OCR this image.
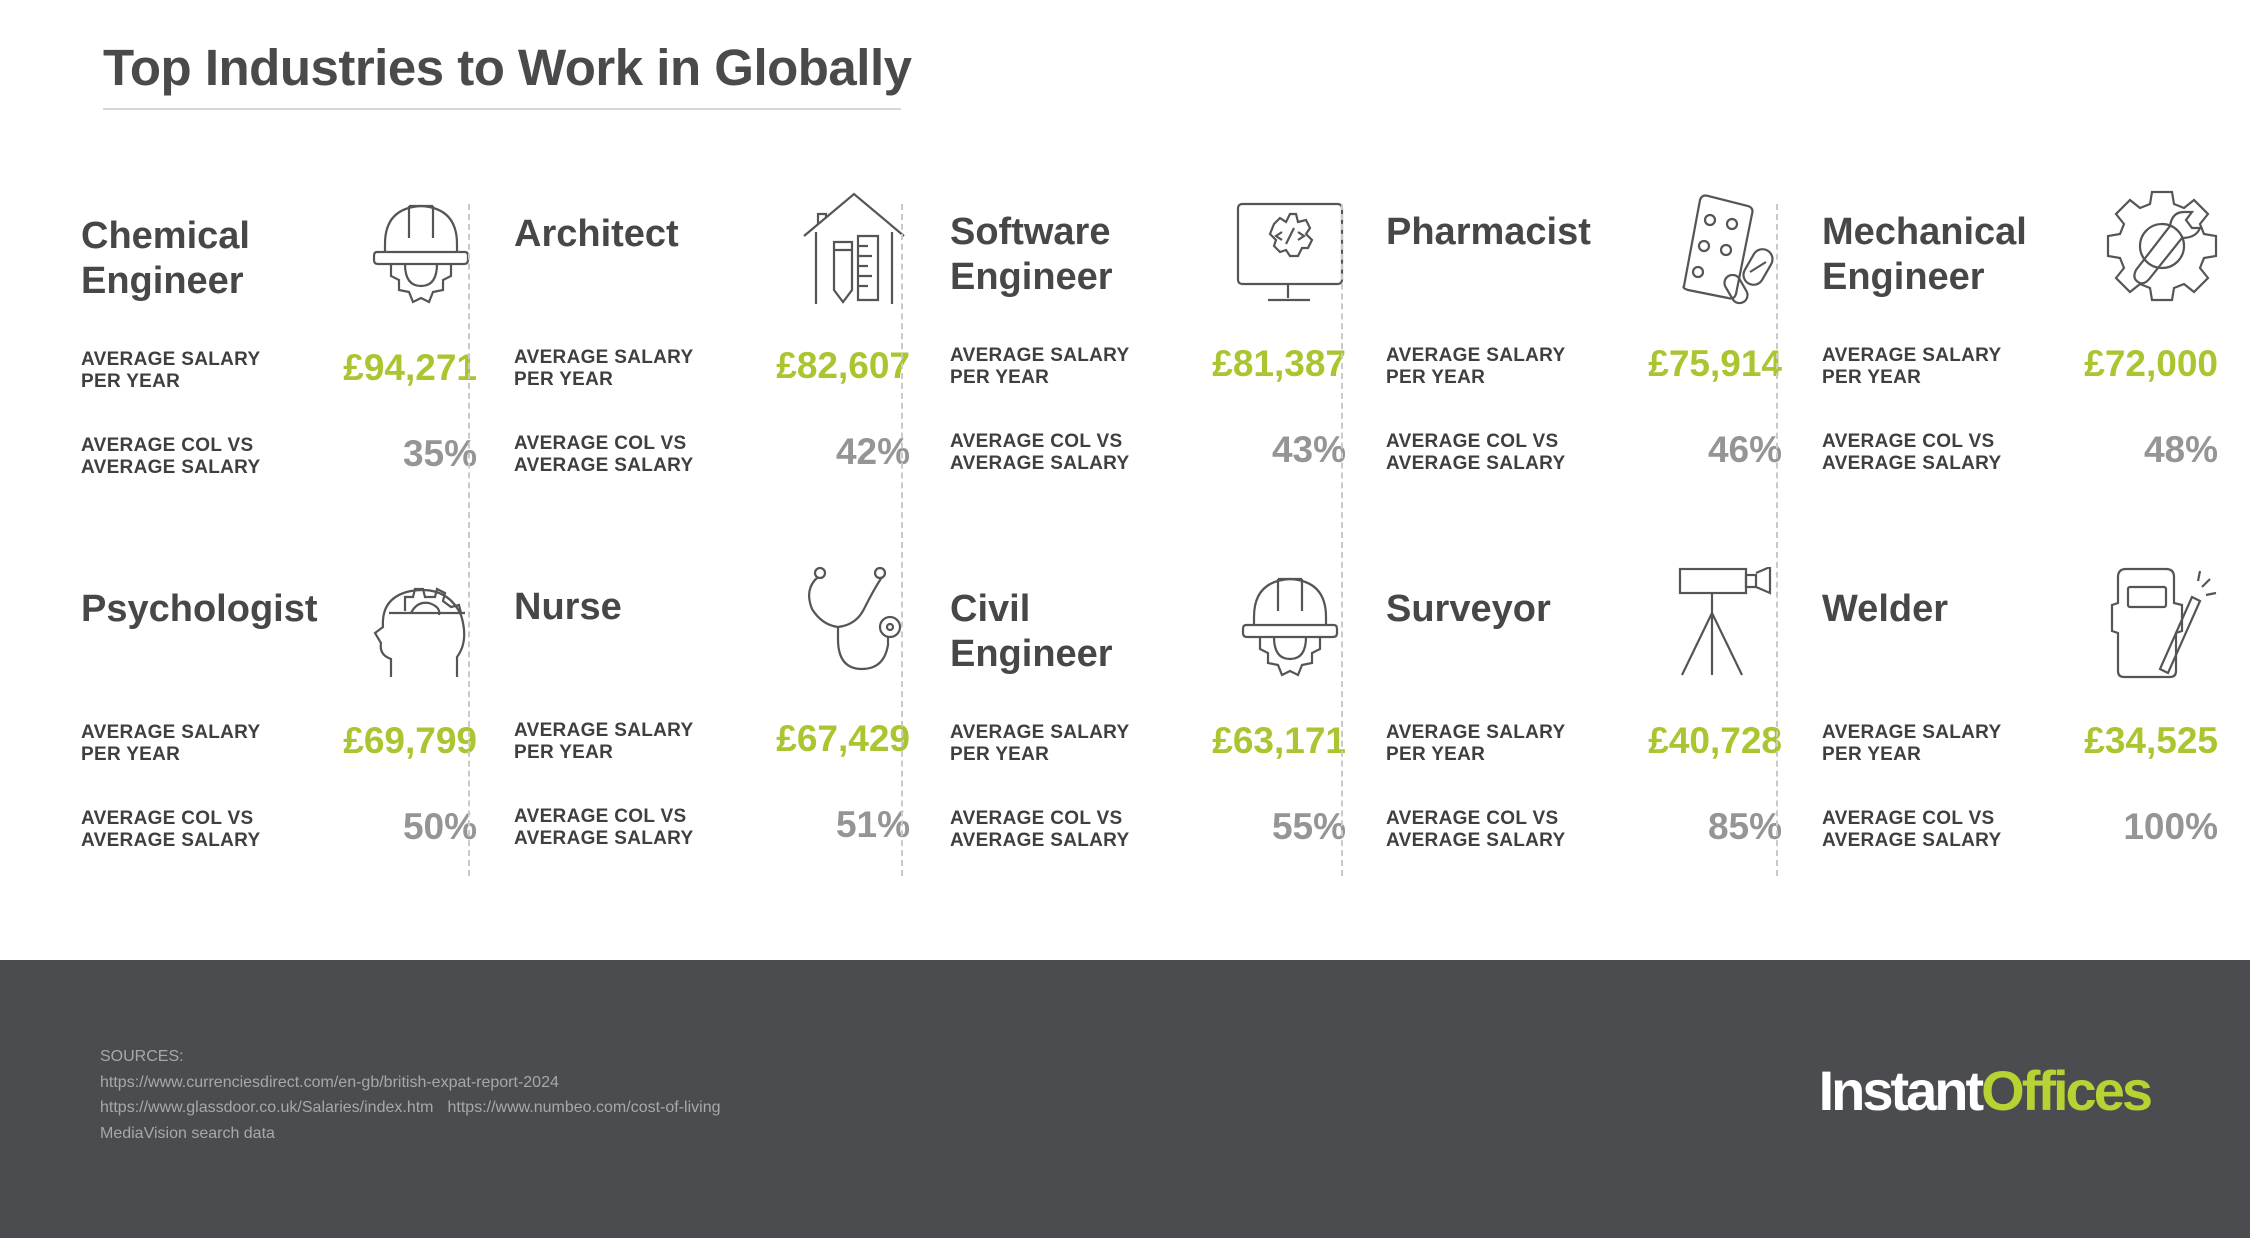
Top Industries to Work in Globally
Chemical Engineer
AVERAGE SALARY PER YEAR	£94,271
AVERAGE COL VS AVERAGE SALARY	35%
Psychologist
AVERAGE SALARY PER YEAR	£69,799
AVERAGE COL VS AVERAGE SALARY	50%
Architect
AVERAGE SALARY PER YEAR	£82,607
AVERAGE COL VS AVERAGE SALARY	42%
Nurse
AVERAGE SALARY PER YEAR	£67,429
AVERAGE COL VS AVERAGE SALARY	51%
Software Engineer
AVERAGE SALARY PER YEAR	£81,387
AVERAGE COL VS AVERAGE SALARY	43%
Civil Engineer
AVERAGE SALARY PER YEAR	£63,171
AVERAGE COL VS AVERAGE SALARY	55%
Pharmacist
AVERAGE SALARY PER YEAR	£75,914
AVERAGE COL VS AVERAGE SALARY	46%
Surveyor
AVERAGE SALARY PER YEAR	£40,728
AVERAGE COL VS AVERAGE SALARY	85%
Mechanical Engineer
AVERAGE SALARY PER YEAR	£72,000
AVERAGE COL VS AVERAGE SALARY	48%
Welder
AVERAGE SALARY PER YEAR	£34,525
AVERAGE COL VS AVERAGE SALARY	100%
SOURCES:
https://www.currenciesdirect.com/en-gb/british-expat-report-2024
https://www.glassdoor.co.uk/Salaries/index.htm https://www.numbeo.com/cost-of-living
MediaVision search data
InstantOffices
